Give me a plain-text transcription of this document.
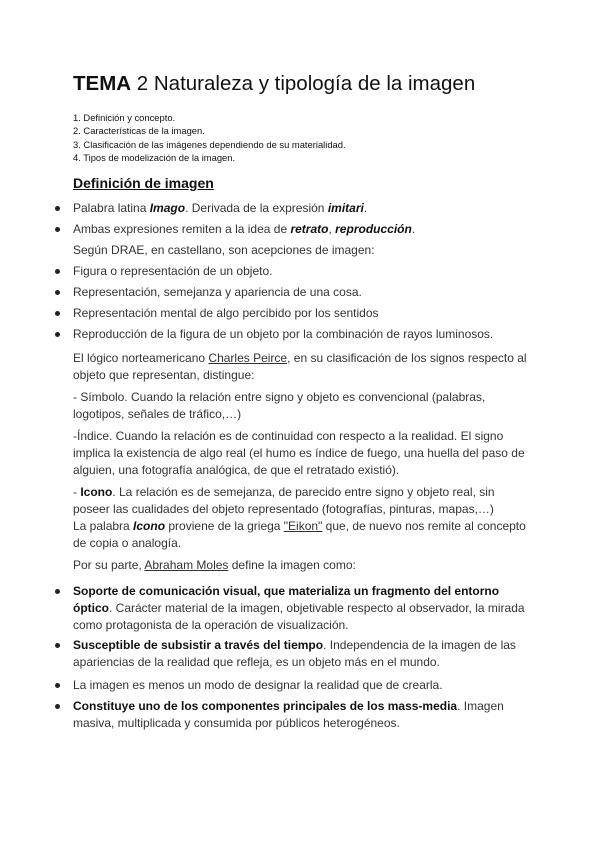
TEMA 2 Naturaleza y tipología de la imagen
1. Definición y concepto.
2. Características de la imagen.
3. Clasificación de las imágenes dependiendo de su materialidad.
4. Tipos de modelización de la imagen.
Definición de imagen
Palabra latina Imago. Derivada de la expresión imitari.
Ambas expresiones remiten a la idea de retrato, reproducción.
Según DRAE, en castellano, son acepciones de imagen:
Figura o representación de un objeto.
Representación, semejanza y apariencia de una cosa.
Representación mental de algo percibido por los sentidos
Reproducción de la figura de un objeto por la combinación de rayos luminosos.
El lógico norteamericano Charles Peirce, en su clasificación de los signos respecto al objeto que representan, distingue:
- Símbolo. Cuando la relación entre signo y objeto es convencional (palabras, logotipos, señales de tráfico,…)
-Índice. Cuando la relación es de continuidad con respecto a la realidad. El signo implica la existencia de algo real (el humo es índice de fuego, una huella del paso de alguien, una fotografía analógica, de que el retratado existió).
- Icono. La relación es de semejanza, de parecido entre signo y objeto real, sin poseer las cualidades del objeto representado (fotografías, pinturas, mapas,…)
La palabra Icono proviene de la griega "Eikon" que, de nuevo nos remite al concepto de copia o analogía.
Por su parte, Abraham Moles define la imagen como:
Soporte de comunicación visual, que materializa un fragmento del entorno óptico. Carácter material de la imagen, objetivable respecto al observador, la mirada como protagonista de la operación de visualización.
Susceptible de subsistir a través del tiempo. Independencia de la imagen de las apariencias de la realidad que refleja, es un objeto más en el mundo.
La imagen es menos un modo de designar la realidad que de crearla.
Constituye uno de los componentes principales de los mass-media. Imagen masiva, multiplicada y consumida por públicos heterogéneos.
